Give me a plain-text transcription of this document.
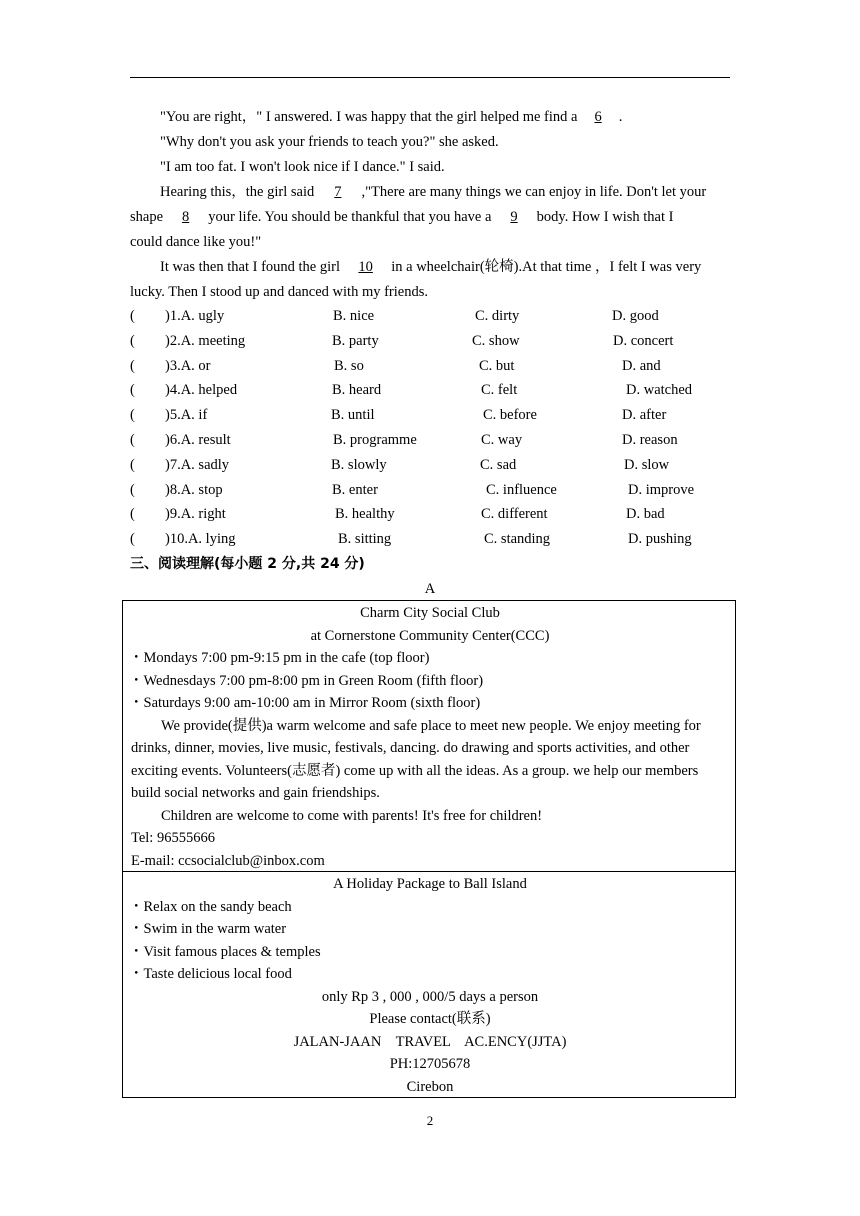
"You are right，" I answered. I was happy that the girl helped me find a 6 .
"Why don't you ask your friends to teach you?" she asked.
"I am too fat. I won't look nice if I dance." I said.
Hearing this，the girl said 7 ,"There are many things we can enjoy in life. Don't let your
shape 8 your life. You should be thankful that you have a 9 body. How I wish that I
could dance like you!"
It was then that I found the girl 10 in a wheelchair(轮椅).At that time ，I felt I was very
lucky. Then I stood up and danced with my friends.
( )1.A. ugly	B. nice	C. dirty	D. good
( )2.A. meeting	B. party	C. show	D. concert
( )3.A. or	B. so	C. but	D. and
( )4.A. helped	B. heard	C. felt	D. watched
( )5.A. if	B. until	C. before	D. after
( )6.A. result	B. programme	C. way	D. reason
( )7.A. sadly	B. slowly	C. sad	D. slow
( )8.A. stop	B. enter	C. influence	D. improve
( )9.A. right	B. healthy	C. different	D. bad
( )10.A. lying	B. sitting	C. standing	D. pushing
三、阅读理解(每小题 2 分,共 24 分)
A
Charm City Social Club
at Cornerstone Community Center(CCC)
・Mondays 7:00 pm-9:15 pm in the cafe (top floor)
・Wednesdays 7:00 pm-8:00 pm in Green Room (fifth floor)
・Saturdays 9:00 am-10:00 am in Mirror Room (sixth floor)
We provide(提供)a warm welcome and safe place to meet new people. We enjoy meeting for
drinks, dinner, movies, live music, festivals, dancing. do drawing and sports activities, and other
exciting events. Volunteers(志愿者) come up with all the ideas. As a group. we help our members
build social networks and gain friendships.
Children are welcome to come with parents! It's free for children!
Tel: 96555666
E-mail: ccsocialclub@inbox.com
A Holiday Package to Ball Island
・Relax on the sandy beach
・Swim in the warm water
・Visit famous places & temples
・Taste delicious local food
only Rp 3 , 000 , 000/5 days a person
Please contact(联系)
JALAN-JAAN    TRAVEL    AC.ENCY(JJTA)
PH:12705678
Cirebon
2
